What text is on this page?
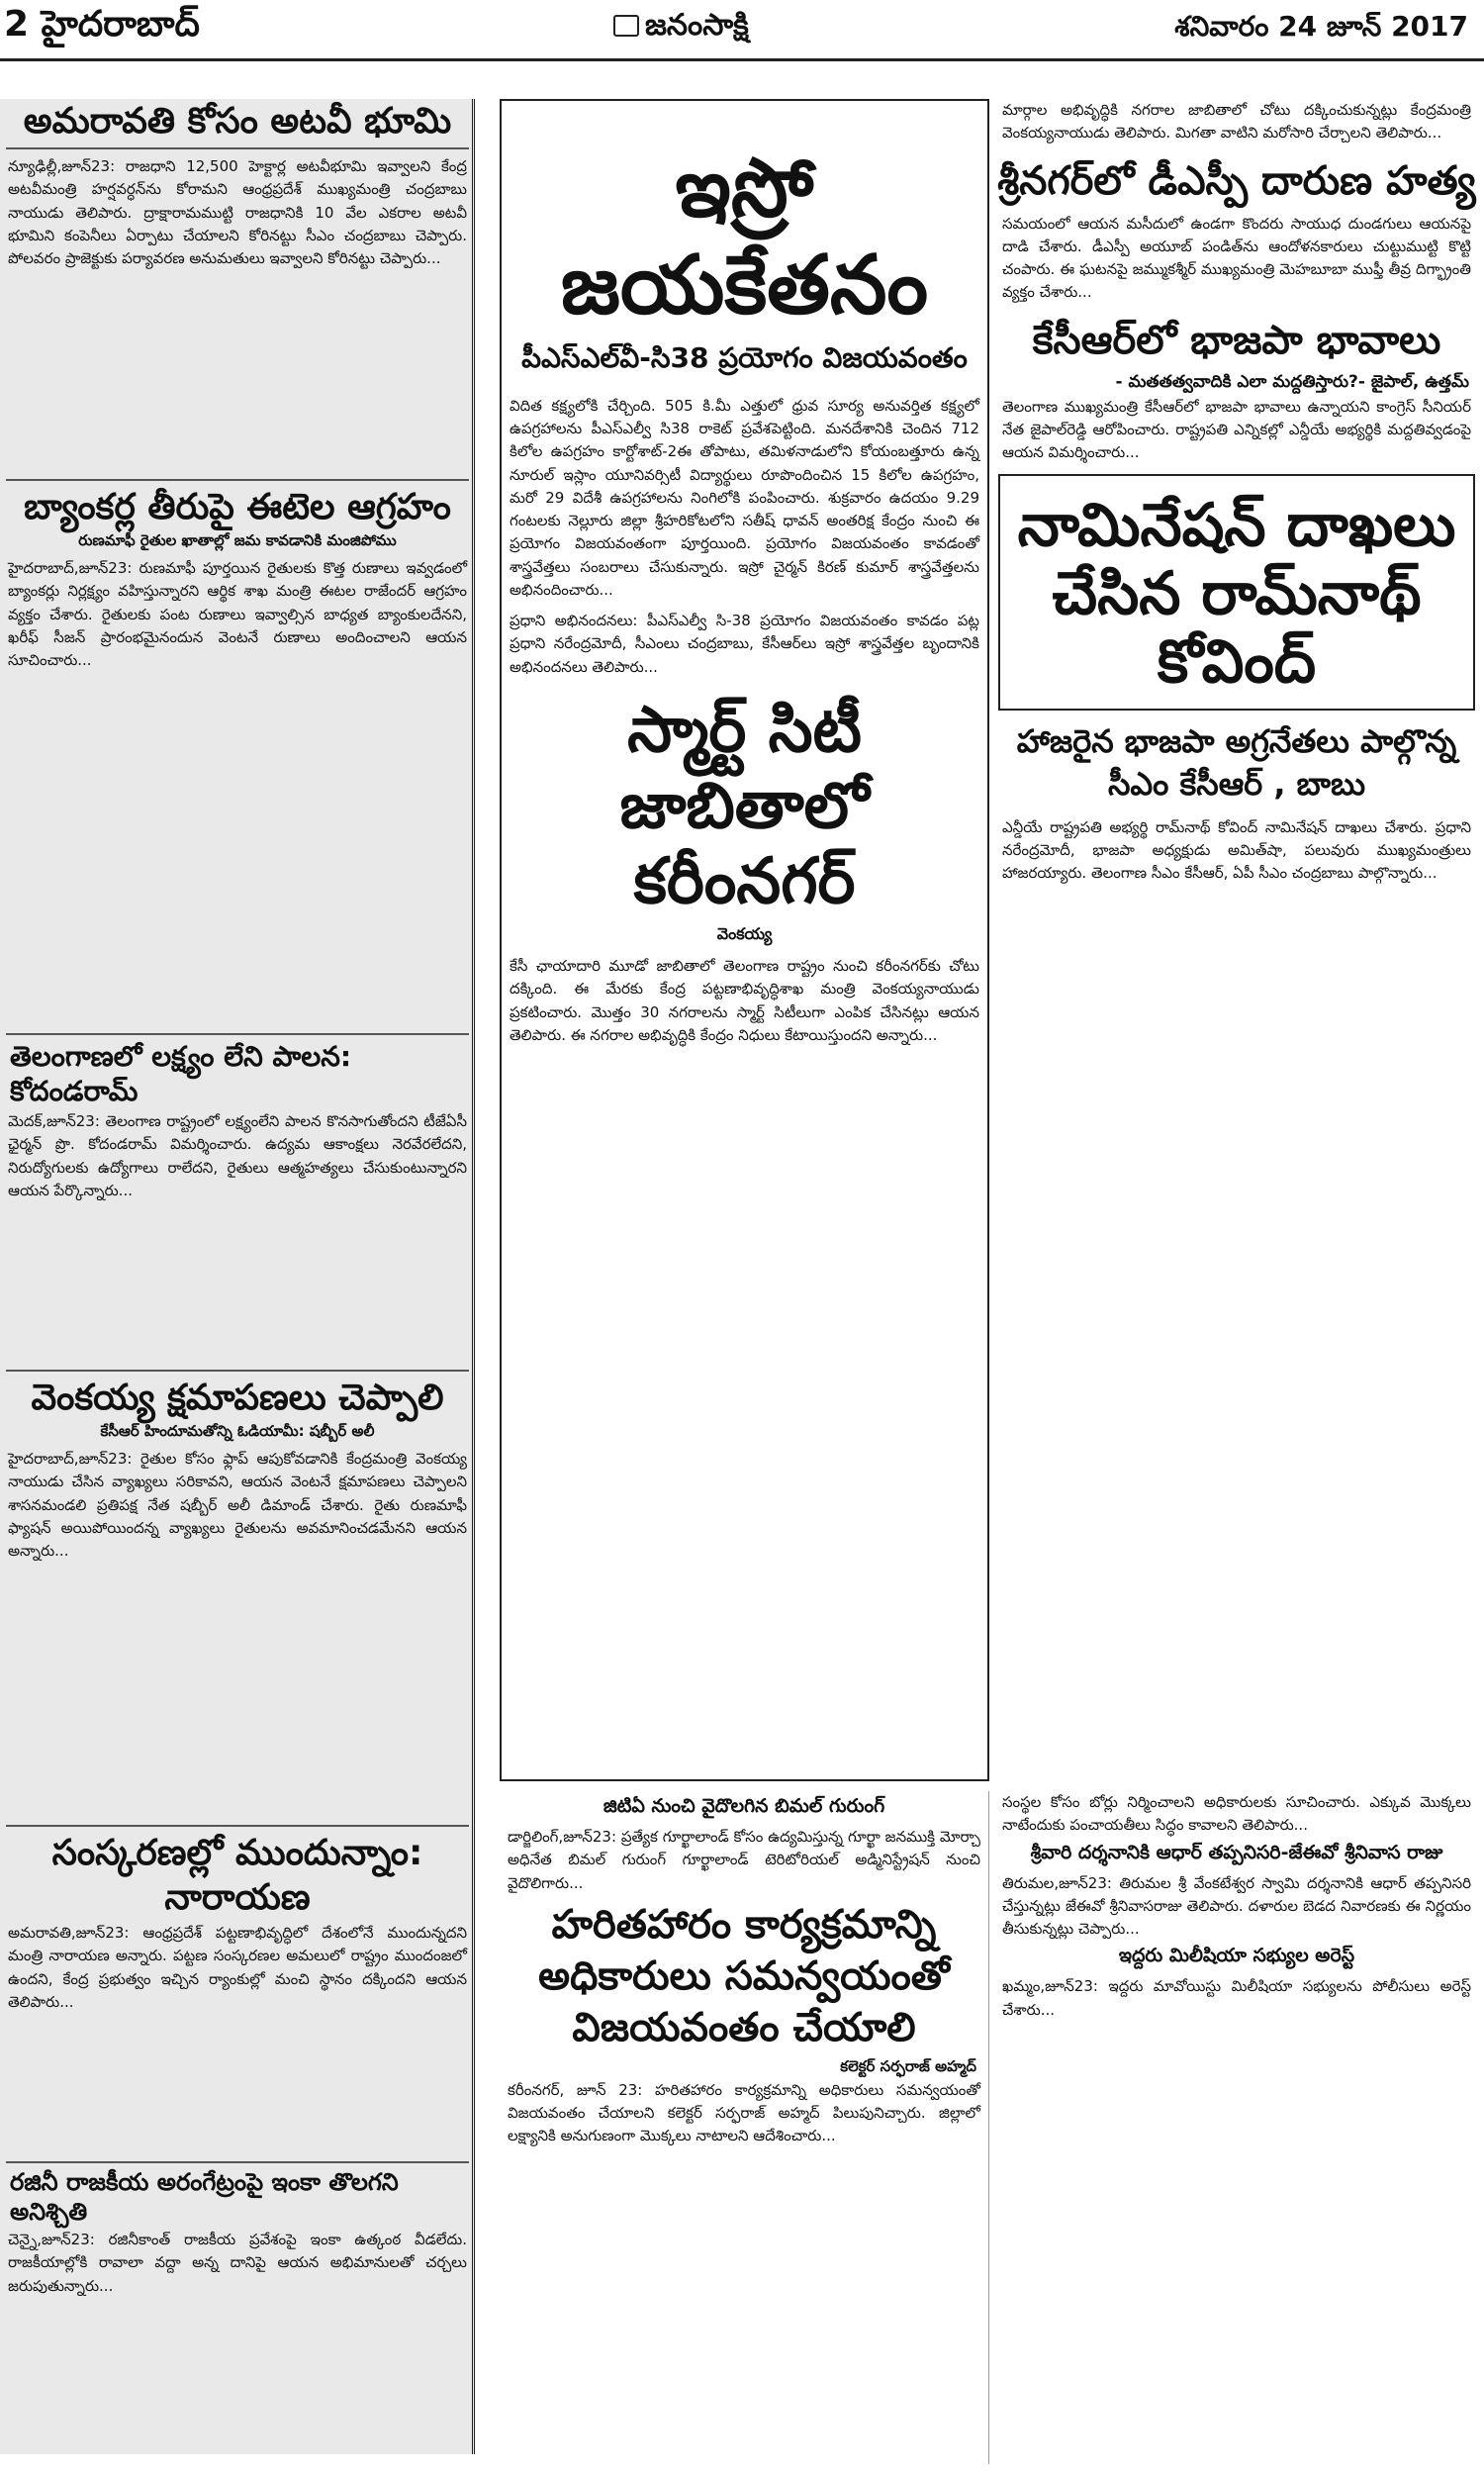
2 హైదరాబాద్	జనంసాక్షి	శనివారం 24 జూన్ 2017
అమరావతి కోసం అటవీ భూమి

న్యూఢిల్లీ,జూన్23: రాజధాని 12,500 హెక్టార్ల అటవీభూమి ఇవ్వాలని కేంద్ర అటవీమంత్రి హర్షవర్ధన్‌ను కోరామని ఆంధ్రప్రదేశ్‌ ముఖ్యమంత్రి చంద్రబాబు నాయుడు తెలిపారు. ద్రాక్షారామముట్టి రాజధానికి 10 వేల ఎకరాల అటవీ భూమిని కంపెనీలు ఏర్పాటు చేయాలని కోరినట్టు సీఎం చంద్రబాబు చెప్పారు. పోలవరం ప్రాజెక్టుకు పర్యావరణ అనుమతులు ఇవ్వాలని కోరినట్టు చెప్పారు...

బ్యాంకర్ల తీరుపై ఈటెల ఆగ్రహం
రుణమాఫీ రైతుల ఖాతాల్లో జమ కావడానికి మంజిపోము

హైదరాబాద్,జూన్23: రుణమాఫీ పూర్తయిన రైతులకు కొత్త రుణాలు ఇవ్వడంలో బ్యాంకర్లు నిర్లక్ష్యం వహిస్తున్నారని ఆర్థిక శాఖ మంత్రి ఈటల రాజేందర్ ఆగ్రహం వ్యక్తం చేశారు. రైతులకు పంట రుణాలు ఇవ్వాల్సిన బాధ్యత బ్యాంకులదేనని, ఖరీఫ్‌ సీజన్‌ ప్రారంభమైనందున వెంటనే రుణాలు అందించాలని ఆయన సూచించారు...

తెలంగాణలో లక్ష్యం లేని పాలన: కోదండరామ్‌

మెదక్‌,జూన్23: తెలంగాణ రాష్ట్రంలో లక్ష్యంలేని పాలన కొనసాగుతోందని టీజేఏసీ ఛైర్మన్ ప్రొ. కోదండరామ్‌ విమర్శించారు. ఉద్యమ ఆకాంక్షలు నెరవేరలేదని, నిరుద్యోగులకు ఉద్యోగాలు రాలేదని, రైతులు ఆత్మహత్యలు చేసుకుంటున్నారని ఆయన పేర్కొన్నారు...

వెంకయ్య క్షమాపణలు చెప్పాలి
కేసీఆర్ హిందూమతోన్ని ఓడియామీ: షబ్బీర్ అలీ

హైదరాబాద్‌,జూన్‌23: రైతుల కోసం ఫ్లాప్‌ ఆపుకోవడానికి కేంద్రమంత్రి వెంకయ్య నాయుడు చేసిన వ్యాఖ్యలు సరికావని, ఆయన వెంటనే క్షమాపణలు చెప్పాలని శాసనమండలి ప్రతిపక్ష నేత షబ్బీర్‌ అలీ డిమాండ్‌ చేశారు. రైతు రుణమాఫీ ఫ్యాషన్‌ అయిపోయిందన్న వ్యాఖ్యలు రైతులను అవమానించడమేనని ఆయన అన్నారు...

సంస్కరణల్లో ముందున్నాం: నారాయణ

అమరావతి,జూన్‌23: ఆంధ్రప్రదేశ్ పట్టణాభివృద్ధిలో దేశంలోనే ముందున్నదని మంత్రి నారాయణ అన్నారు. పట్టణ సంస్కరణల అమలులో రాష్ట్రం ముందంజలో ఉందని, కేంద్ర ప్రభుత్వం ఇచ్చిన ర్యాంకుల్లో మంచి స్థానం దక్కిందని ఆయన తెలిపారు...

రజినీ రాజకీయ అరంగేట్రంపై ఇంకా తొలగని అనిశ్చితి

చెన్నై,జూన్‌23: రజినీకాంత్‌ రాజకీయ ప్రవేశంపై ఇంకా ఉత్కంఠ వీడలేదు. రాజకీయాల్లోకి రావాలా వద్దా అన్న దానిపై ఆయన అభిమానులతో చర్చలు జరుపుతున్నారు...

ఇస్రో జయకేతనం
పీఎస్‌ఎల్‌వీ-సి38 ప్రయోగం విజయవంతం

విదిత కక్ష్యలోకి చేర్చింది. 505 కి.మీ ఎత్తులో ధ్రువ సూర్య అనువర్తిత కక్ష్యలో ఉపగ్రహాలను పీఎస్‌ఎల్వీ సి38 రాకెట్ ప్రవేశపెట్టింది. మనదేశానికి చెందిన 712 కిలోల ఉపగ్రహం కార్టోశాట్-2ఈ తోపాటు, తమిళనాడులోని కోయంబత్తూరు ఉన్న నూరుల్ ఇస్లాం యూనివర్సిటీ విద్యార్థులు రూపొందించిన 15 కిలోల ఉపగ్రహం, మరో 29 విదేశీ ఉపగ్రహాలను నింగిలోకి పంపించారు. శుక్రవారం ఉదయం 9.29 గంటలకు నెల్లూరు జిల్లా శ్రీహరికోటలోని సతీష్‌ ధావన్‌ అంతరిక్ష కేంద్రం నుంచి ఈ ప్రయోగం విజయవంతంగా పూర్తయింది. ప్రయోగం విజయవంతం కావడంతో శాస్త్రవేత్తలు సంబరాలు చేసుకున్నారు. ఇస్రో చైర్మన్‌ కిరణ్‌ కుమార్‌ శాస్త్రవేత్తలను అభినందించారు...

ప్రధాని అభినందనలు: పీఎస్‌ఎల్వీ సి-38 ప్రయోగం విజయవంతం కావడం పట్ల ప్రధాని నరేంద్రమోదీ, సీఎంలు చంద్రబాబు, కేసీఆర్‌లు ఇస్రో శాస్త్రవేత్తల బృందానికి అభినందనలు తెలిపారు...

స్మార్ట్ సిటీ జాబితాలో కరీంనగర్
వెంకయ్య

కేసీ ఛాయాదారి మూడో జాబితాలో తెలంగాణ రాష్ట్రం నుంచి కరీంనగర్‌కు చోటు దక్కింది. ఈ మేరకు కేంద్ర పట్టణాభివృద్ధిశాఖ మంత్రి వెంకయ్యనాయుడు ప్రకటించారు. మొత్తం 30 నగరాలను స్మార్ట్‌ సిటీలుగా ఎంపిక చేసినట్లు ఆయన తెలిపారు. ఈ నగరాల అభివృద్ధికి కేంద్రం నిధులు కేటాయిస్తుందని అన్నారు...

మార్గాల అభివృద్ధికి నగరాల జాబితాలో చోటు దక్కించుకున్నట్లు కేంద్రమంత్రి వెంకయ్యనాయుడు తెలిపారు. మిగతా వాటిని మరోసారి చేర్చాలని తెలిపారు...

శ్రీనగర్‌లో డీఎస్పీ దారుణ హత్య

సమయంలో ఆయన మసీదులో ఉండగా కొందరు సాయుధ దుండగులు ఆయనపై దాడి చేశారు. డీఎస్పీ అయూబ్‌ పండిత్‌ను ఆందోళనకారులు చుట్టుముట్టి కొట్టి చంపారు. ఈ ఘటనపై జమ్ముకశ్మీర్ ముఖ్యమంత్రి మెహబూబా ముఫ్తీ తీవ్ర దిగ్భ్రాంతి వ్యక్తం చేశారు...

కేసీఆర్‌లో భాజపా భావాలు
- మతతత్వవాదికి ఎలా మద్దతిస్తారు?- జైపాల్‌, ఉత్తమ్‌

తెలంగాణ ముఖ్యమంత్రి కేసీఆర్‌లో భాజపా భావాలు ఉన్నాయని కాంగ్రెస్ సీనియర్ నేత జైపాల్‌రెడ్డి ఆరోపించారు. రాష్ట్రపతి ఎన్నికల్లో ఎన్డీయే అభ్యర్థికి మద్దతివ్వడంపై ఆయన విమర్శించారు...

నామినేషన్ దాఖలు చేసిన రామ్‌నాథ్ కోవింద్
హాజరైన భాజపా అగ్రనేతలు పాల్గొన్న సీఎం కేసీఆర్ , బాబు

ఎన్డీయే రాష్ట్రపతి అభ్యర్థి రామ్‌నాథ్‌ కోవింద్‌ నామినేషన్ దాఖలు చేశారు. ప్రధాని నరేంద్రమోదీ, భాజపా అధ్యక్షుడు అమిత్‌షా, పలువురు ముఖ్యమంత్రులు హాజరయ్యారు. తెలంగాణ సీఎం కేసీఆర్‌, ఏపీ సీఎం చంద్రబాబు పాల్గొన్నారు...

జిటిఏ నుంచి వైదొలగిన బిమల్ గురుంగ్

డార్జిలింగ్‌,జూన్‌23: ప్రత్యేక గూర్ఖాలాండ్‌ కోసం ఉద్యమిస్తున్న గూర్ఖా జనముక్తి మోర్చా అధినేత బిమల్‌ గురుంగ్‌ గూర్ఖాలాండ్‌ టెరిటోరియల్‌ అడ్మినిస్ట్రేషన్‌ నుంచి వైదొలిగారు...

హరితహారం కార్యక్రమాన్ని అధికారులు సమన్వయంతో విజయవంతం చేయాలి
కలెక్టర్ సర్ఫరాజ్ అహ్మద్

కరీంనగర్‌, జూన్ 23: హరితహారం కార్యక్రమాన్ని అధికారులు సమన్వయంతో విజయవంతం చేయాలని కలెక్టర్ సర్ఫరాజ్‌ అహ్మద్‌ పిలుపునిచ్చారు. జిల్లాలో లక్ష్యానికి అనుగుణంగా మొక్కలు నాటాలని ఆదేశించారు...

సంస్థల కోసం బోర్లు నిర్మించాలని అధికారులకు సూచించారు. ఎక్కువ మొక్కలు నాటేందుకు పంచాయతీలు సిద్ధం కావాలని తెలిపారు...

శ్రీవారి దర్శనానికి ఆధార్‌ తప్పనిసరి-జేఈవో శ్రీనివాస రాజు

తిరుమల,జూన్‌23: తిరుమల శ్రీ వేంకటేశ్వర స్వామి దర్శనానికి ఆధార్‌ తప్పనిసరి చేస్తున్నట్లు జేఈవో శ్రీనివాసరాజు తెలిపారు. దళారుల బెడద నివారణకు ఈ నిర్ణయం తీసుకున్నట్లు చెప్పారు...

ఇద్దరు మిలీషియా సభ్యుల అరెస్ట్

ఖమ్మం,జూన్‌23: ఇద్దరు మావోయిస్టు మిలీషియా సభ్యులను పోలీసులు అరెస్ట్ చేశారు...
